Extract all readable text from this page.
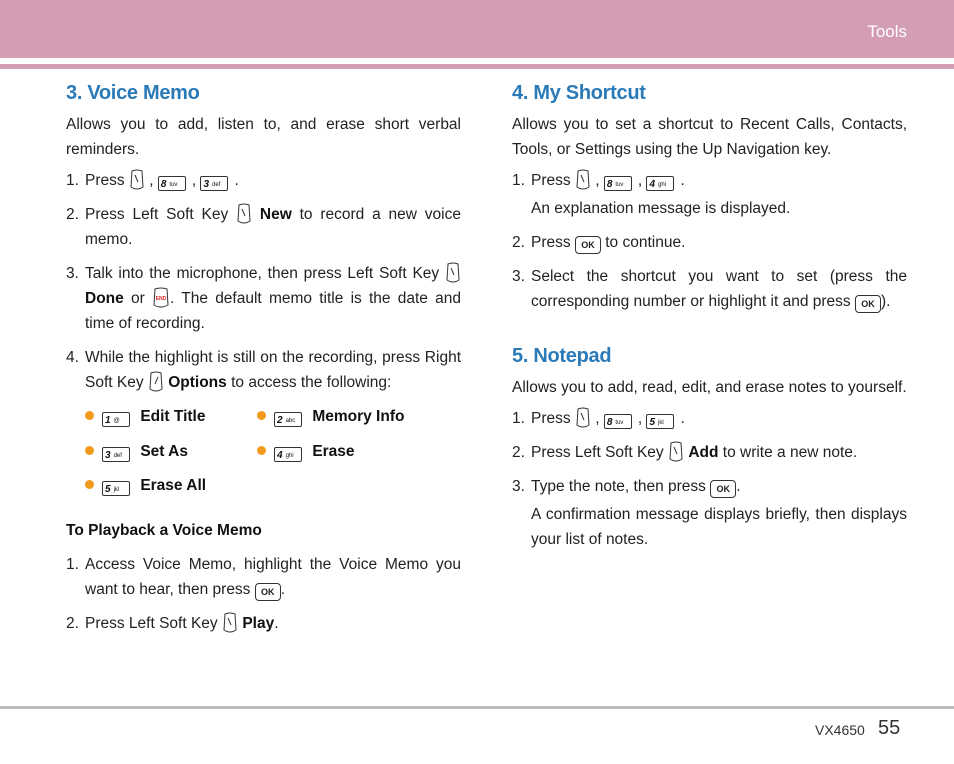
Tools
3. Voice Memo

Allows you to add, listen to, and erase short verbal reminders.

1. Press
, 8 tuv , 3 def .
2. Press Left Soft Key New to record a new voice memo.
3. Talk into the microphone, then press Left Soft Key
Done or END . The default memo title is the date and time of recording.
4. While the highlight is still on the recording, press Right Soft Key Options to access the following:
1 @ Edit Title	2 abc Memory Info
3 def Set As	4 ghi Erase
5 jkl Erase All
To Playback a Voice Memo
1. Access Voice Memo, highlight the Voice Memo you want to hear, then press OK .
2. Press Left Soft Key Play.
4. My Shortcut

Allows you to set a shortcut to Recent Calls, Contacts, Tools, or Settings using the Up Navigation key.

1. Press
, 8 tuv , 4 ghi .
An explanation message is displayed.
2. Press OK to continue.
3. Select the shortcut you want to set (press the corresponding number or highlight it and press OK ).
5. Notepad

Allows you to add, read, edit, and erase notes to yourself.

1. Press
, 8 tuv , 5 jkl .
2. Press Left Soft Key Add to write a new note.
3. Type the note, then press OK .
A confirmation message displays briefly, then displays your list of notes.
VX4650 55
